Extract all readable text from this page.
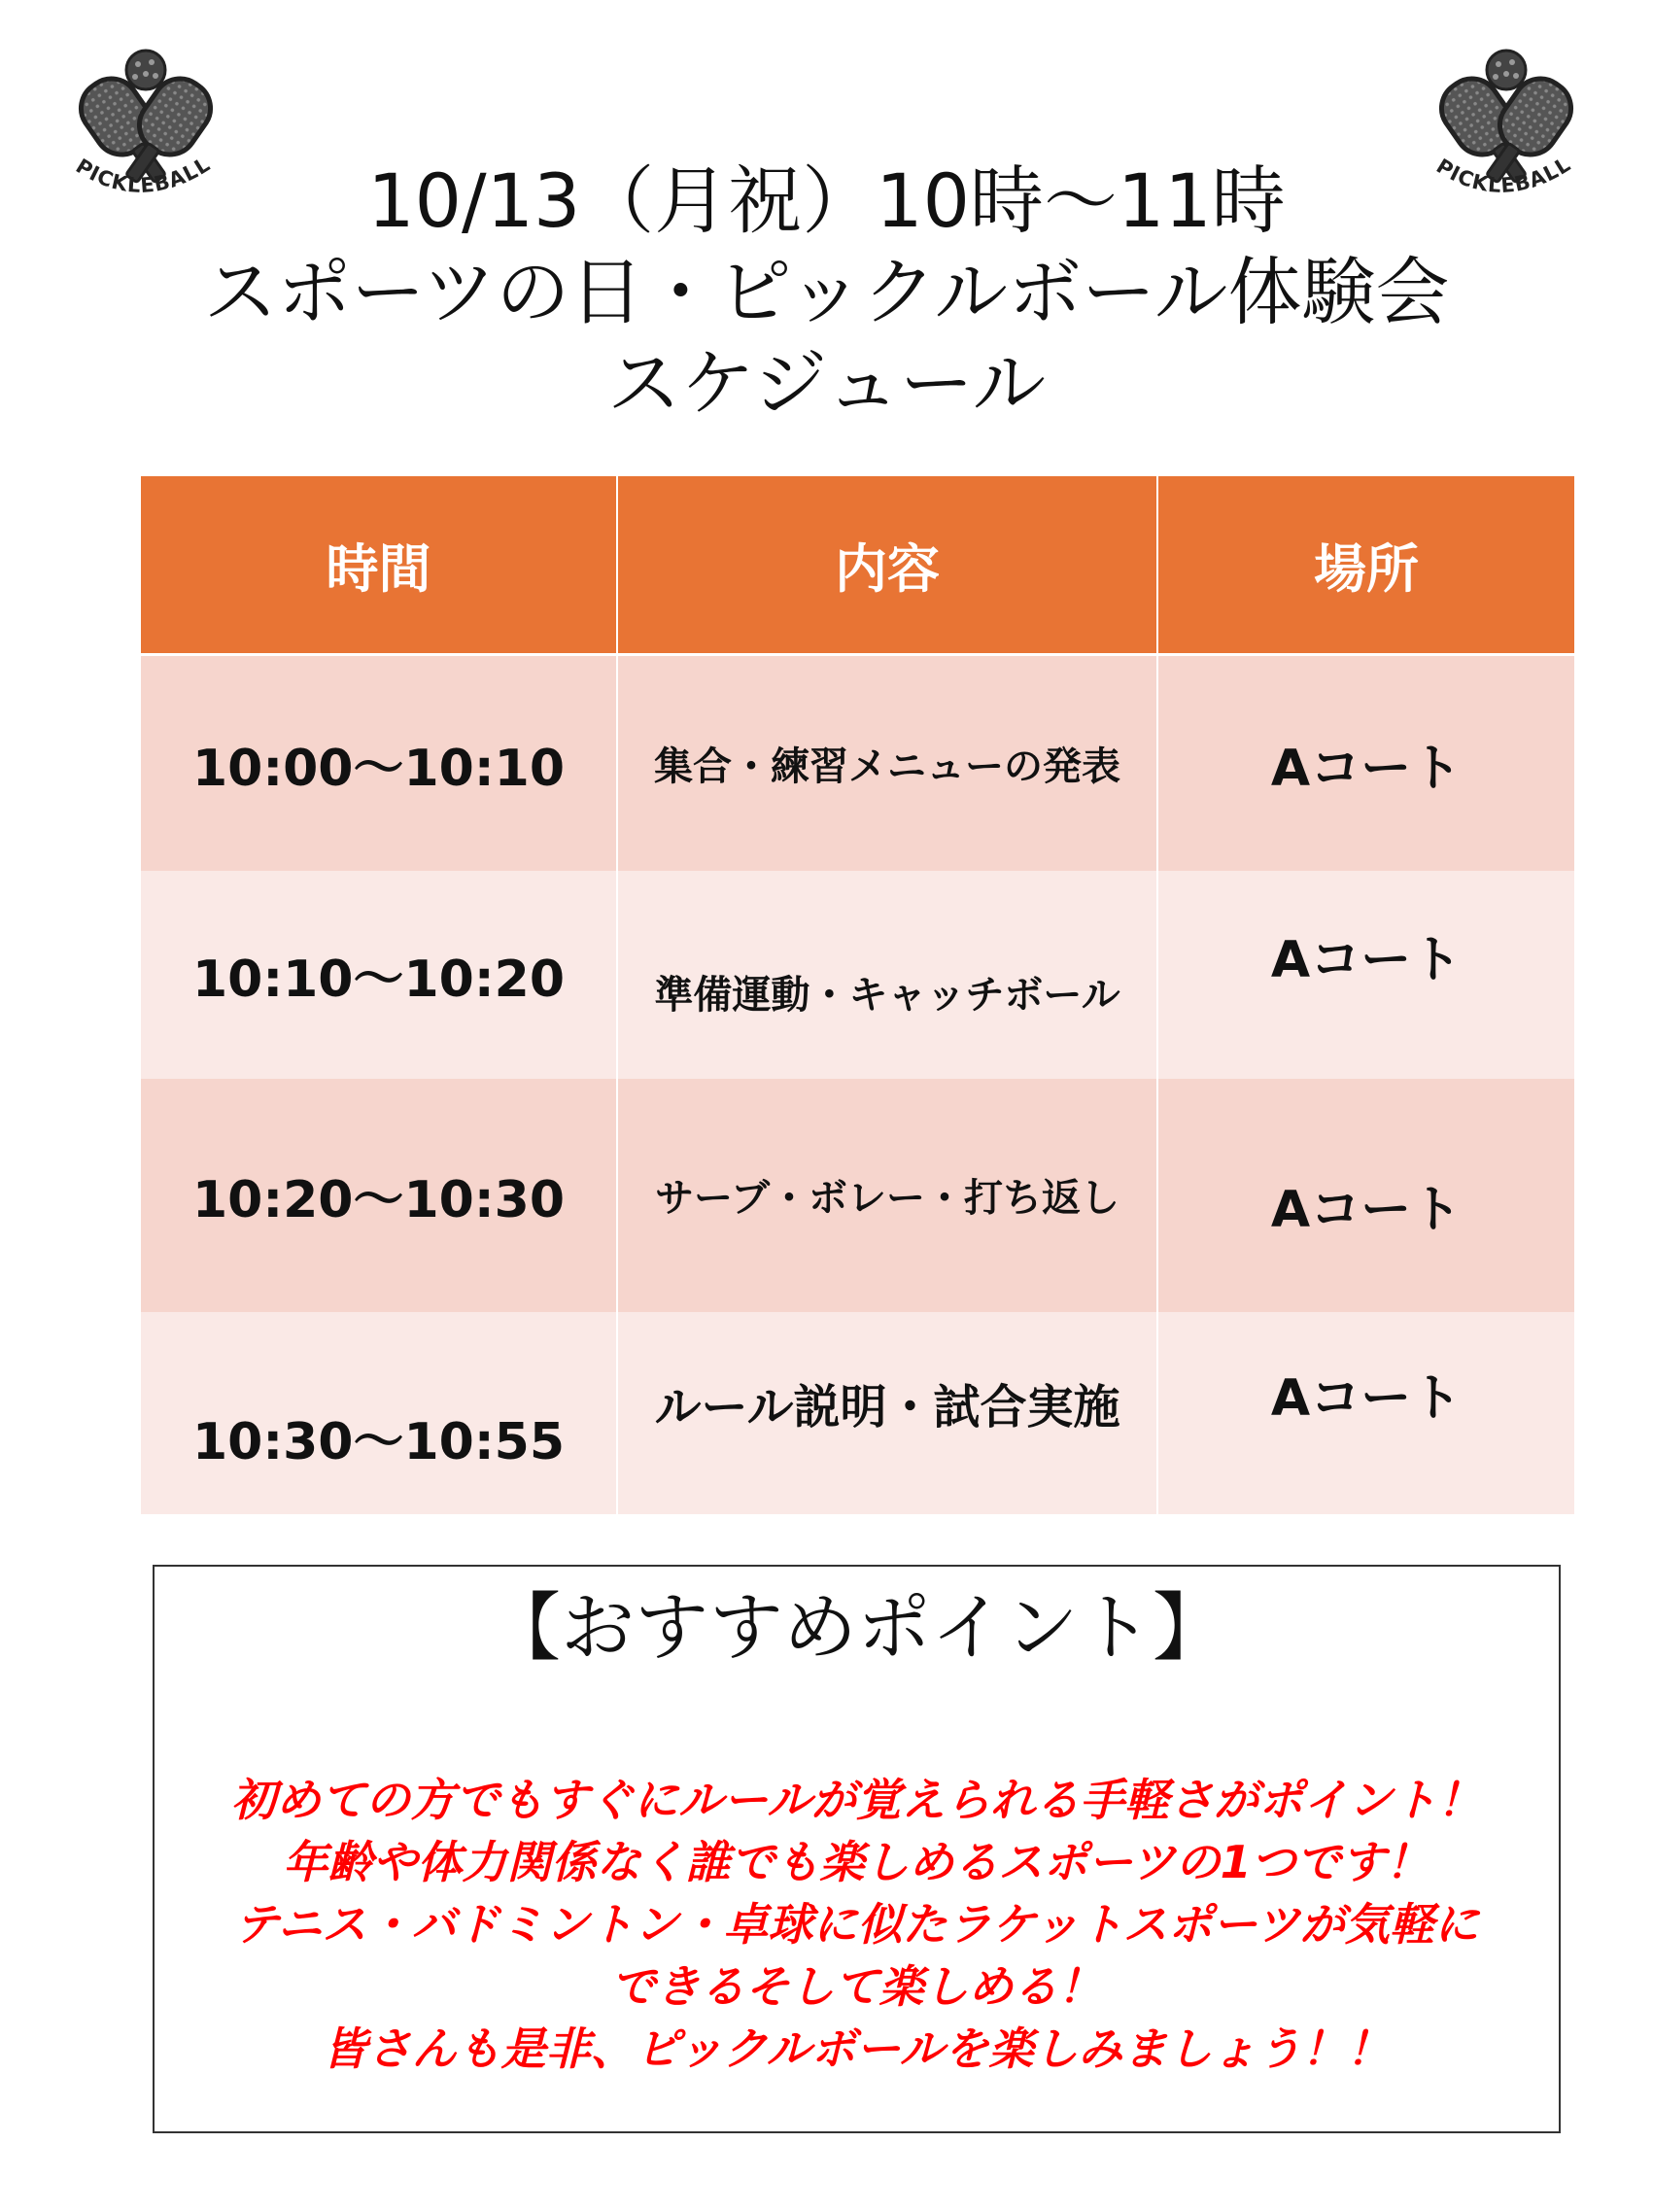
PICKLEBALL	PICKLEBALL
10/13（月祝）10時〜11時
スポーツの日・ピックルボール体験会
スケジュール
時間	内容	場所
10:00〜10:10	集合・練習メニューの発表	Aコート
10:10〜10:20	準備運動・キャッチボール	Aコート
10:20〜10:30	サーブ・ボレー・打ち返し	Aコート
10:30〜10:55	ルール説明・試合実施	Aコート
【おすすめポイント】
初めての方でもすぐにルールが覚えられる手軽さがポイント！
年齢や体力関係なく誰でも楽しめるスポーツの1つです！
テニス・バドミントン・卓球に似たラケットスポーツが気軽に
できるそして楽しめる！
皆さんも是非、ピックルボールを楽しみましょう！！
